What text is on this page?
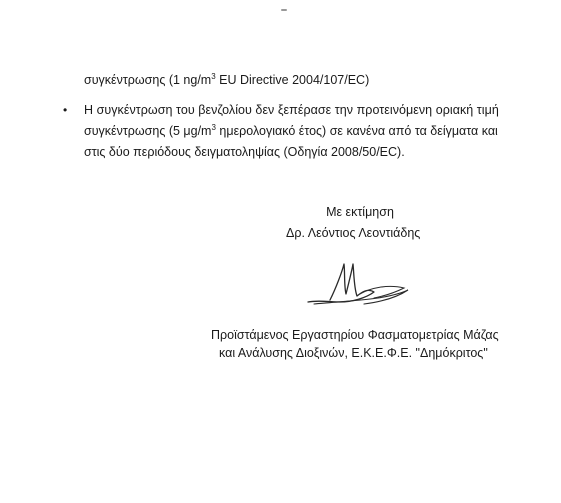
συγκέντρωσης (1 $ng/m^3$ EU Directive 2004/107/EC)
• Η συγκέντρωση του βενζολίου δεν ξεπέρασε την προτεινόμενη οριακή τιμή
συγκέντρωσης (5 $\mu g/m^3$ ημερολογιακό έτος) σε κανένα από τα δείγματα και
στις δύο περιόδους δειγματοληψίας (Οδηγία 2008/50/EC).
Με εκτίμηση
Δρ. Λεόντιος Λεοντιάδης
Προϊστάμενος Εργαστηρίου Φασματομετρίας Μάζας
και Ανάλυσης Διοξινών, Ε.Κ.Ε.Φ.Ε. "Δημόκριτος"
